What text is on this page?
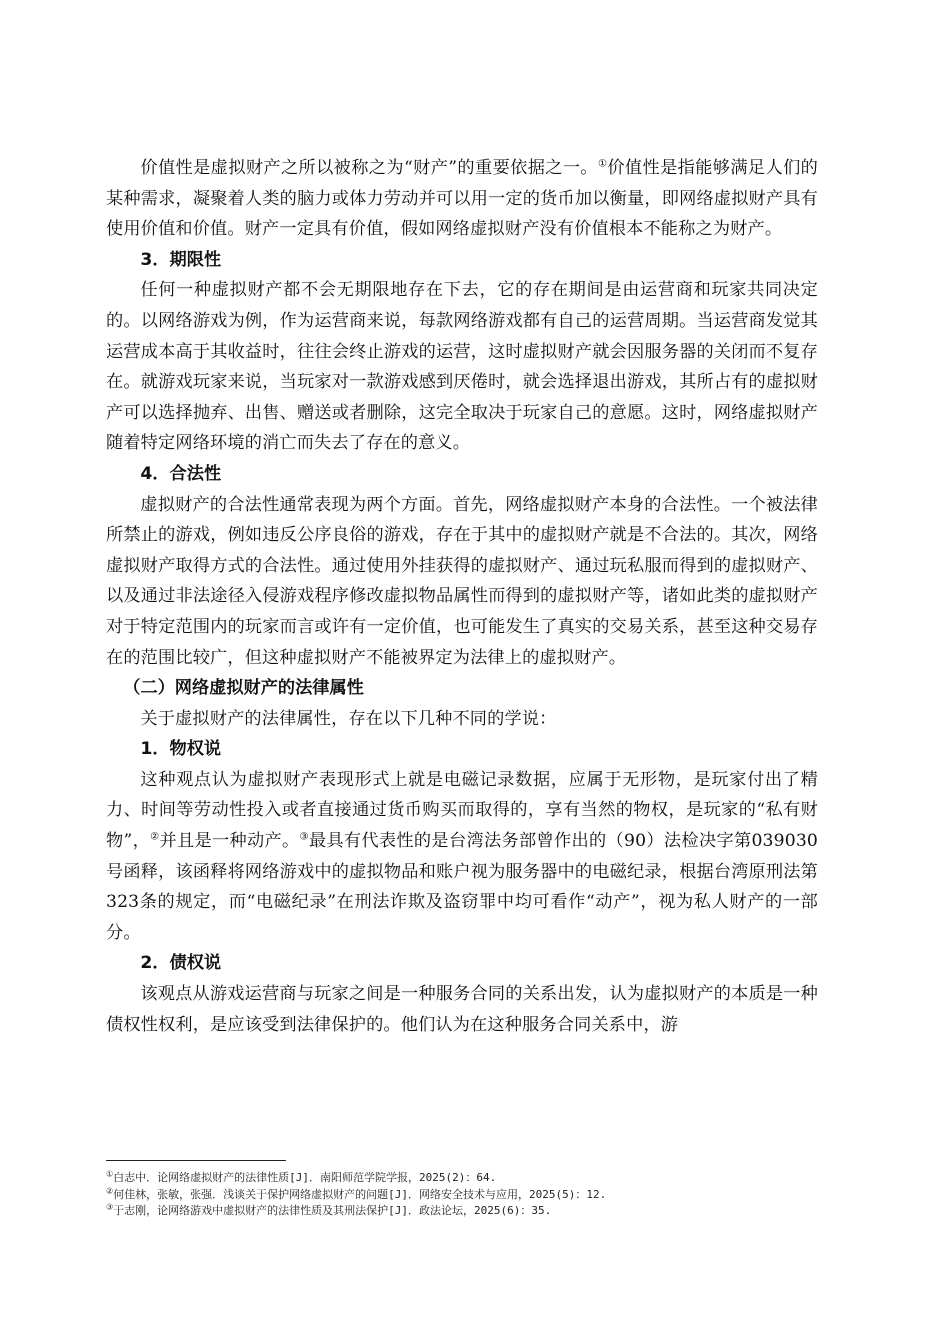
价值性是虚拟财产之所以被称之为“财产”的重要依据之一。①价值性是指能够满足人们的某种需求，凝聚着人类的脑力或体力劳动并可以用一定的货币加以衡量，即网络虚拟财产具有使用价值和价值。财产一定具有价值，假如网络虚拟财产没有价值根本不能称之为财产。

3．期限性

任何一种虚拟财产都不会无期限地存在下去，它的存在期间是由运营商和玩家共同决定的。以网络游戏为例，作为运营商来说，每款网络游戏都有自己的运营周期。当运营商发觉其运营成本高于其收益时，往往会终止游戏的运营，这时虚拟财产就会因服务器的关闭而不复存在。就游戏玩家来说，当玩家对一款游戏感到厌倦时，就会选择退出游戏，其所占有的虚拟财产可以选择抛弃、出售、赠送或者删除，这完全取决于玩家自己的意愿。这时，网络虚拟财产随着特定网络环境的消亡而失去了存在的意义。

4．合法性

虚拟财产的合法性通常表现为两个方面。首先，网络虚拟财产本身的合法性。一个被法律所禁止的游戏，例如违反公序良俗的游戏，存在于其中的虚拟财产就是不合法的。其次，网络虚拟财产取得方式的合法性。通过使用外挂获得的虚拟财产、通过玩私服而得到的虚拟财产、以及通过非法途径入侵游戏程序修改虚拟物品属性而得到的虚拟财产等，诸如此类的虚拟财产对于特定范围内的玩家而言或许有一定价值，也可能发生了真实的交易关系，甚至这种交易存在的范围比较广，但这种虚拟财产不能被界定为法律上的虚拟财产。

（二）网络虚拟财产的法律属性

关于虚拟财产的法律属性，存在以下几种不同的学说：

1．物权说

这种观点认为虚拟财产表现形式上就是电磁记录数据，应属于无形物，是玩家付出了精力、时间等劳动性投入或者直接通过货币购买而取得的，享有当然的物权，是玩家的“私有财物”，②并且是一种动产。③最具有代表性的是台湾法务部曾作出的（90）法检决字第039030号函释，该函释将网络游戏中的虚拟物品和账户视为服务器中的电磁纪录，根据台湾原刑法第323条的规定，而“电磁纪录”在刑法诈欺及盗窃罪中均可看作“动产”，视为私人财产的一部分。

2．债权说

该观点从游戏运营商与玩家之间是一种服务合同的关系出发，认为虚拟财产的本质是一种债权性权利，是应该受到法律保护的。他们认为在这种服务合同关系中，游

①白志中．论网络虚拟财产的法律性质[J]．南阳师范学院学报，2025(2)：64.

②何佳林，张敏，张强．浅谈关于保护网络虚拟财产的问题[J]．网络安全技术与应用，2025(5)：12.

③于志刚，论网络游戏中虚拟财产的法律性质及其刑法保护[J]．政法论坛，2025(6)：35.
